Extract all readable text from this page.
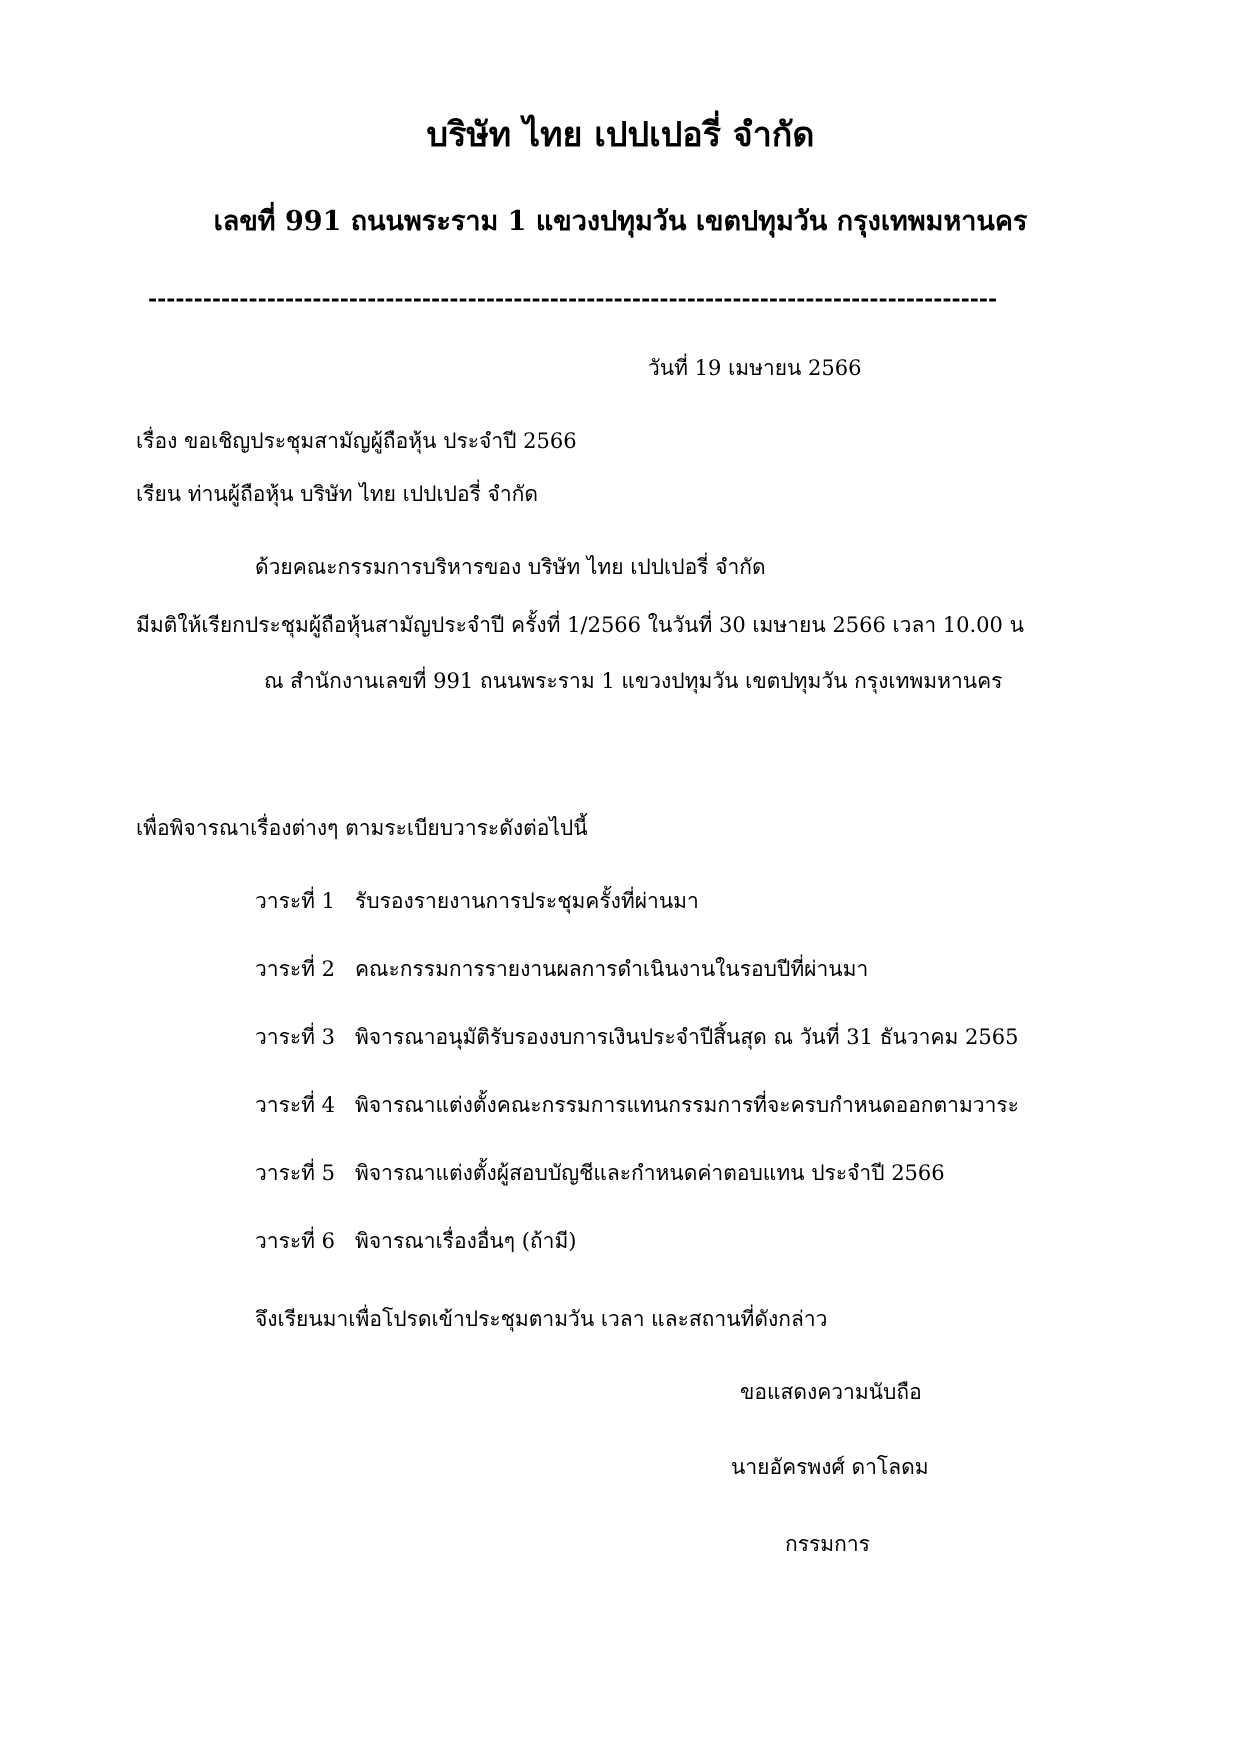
บริษัท ไทย เปปเปอรี่ จำกัด
เลขที่ 991 ถนนพระราม 1 แขวงปทุมวัน เขตปทุมวัน กรุงเทพมหานคร
---------------------------------------------------------------------------------------------
วันที่ 19 เมษายน 2566
เรื่อง ขอเชิญประชุมสามัญผู้ถือหุ้น ประจำปี 2566
เรียน ท่านผู้ถือหุ้น บริษัท ไทย เปปเปอรี่ จำกัด
ด้วยคณะกรรมการบริหารของ บริษัท ไทย เปปเปอรี่ จำกัด
มีมติให้เรียกประชุมผู้ถือหุ้นสามัญประจำปี ครั้งที่ 1/2566 ในวันที่ 30 เมษายน 2566 เวลา 10.00 น
ณ สำนักงานเลขที่ 991 ถนนพระราม 1 แขวงปทุมวัน เขตปทุมวัน กรุงเทพมหานคร
เพื่อพิจารณาเรื่องต่างๆ ตามระเบียบวาระดังต่อไปนี้
วาระที่ 1 รับรองรายงานการประชุมครั้งที่ผ่านมา
วาระที่ 2 คณะกรรมการรายงานผลการดำเนินงานในรอบปีที่ผ่านมา
วาระที่ 3 พิจารณาอนุมัติรับรองงบการเงินประจำปีสิ้นสุด ณ วันที่ 31 ธันวาคม 2565
วาระที่ 4 พิจารณาแต่งตั้งคณะกรรมการแทนกรรมการที่จะครบกำหนดออกตามวาระ
วาระที่ 5 พิจารณาแต่งตั้งผู้สอบบัญชีและกำหนดค่าตอบแทน ประจำปี 2566
วาระที่ 6 พิจารณาเรื่องอื่นๆ (ถ้ามี)
จึงเรียนมาเพื่อโปรดเข้าประชุมตามวัน เวลา และสถานที่ดังกล่าว
ขอแสดงความนับถือ
นายอัครพงศ์ ดาโลดม
กรรมการ
